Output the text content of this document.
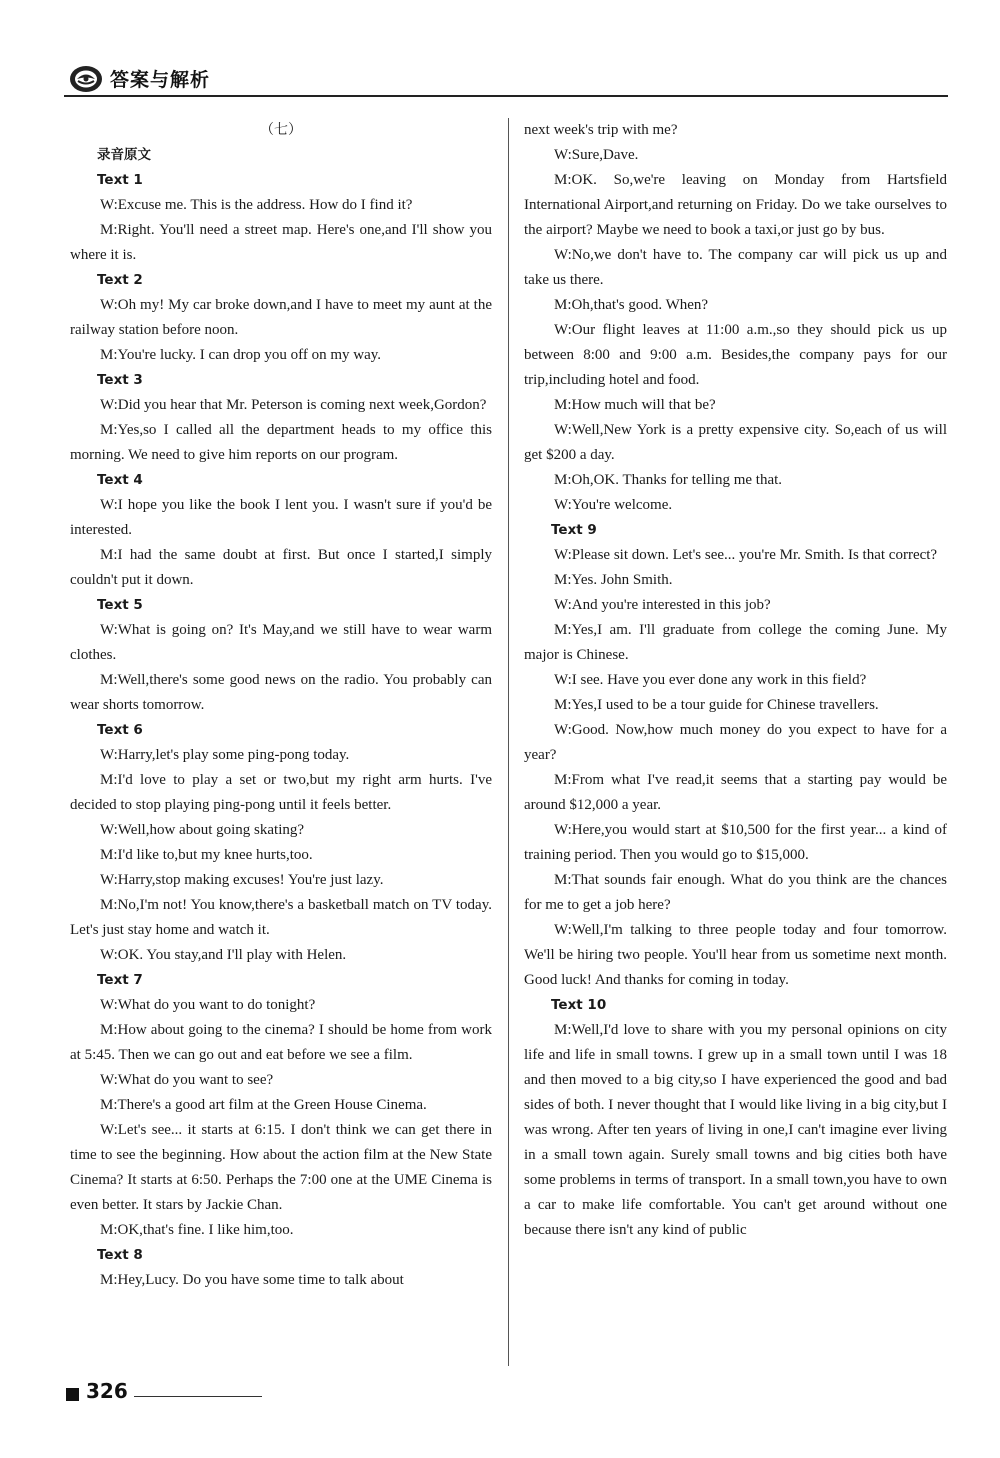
答案与解析

（七）

录音原文

Text 1

W:Excuse me. This is the address. How do I find it?

M:Right. You'll need a street map. Here's one,and I'll show you where it is.

Text 2

W:Oh my! My car broke down,and I have to meet my aunt at the railway station before noon.

M:You're lucky. I can drop you off on my way.

Text 3

W:Did you hear that Mr. Peterson is coming next week,Gordon?

M:Yes,so I called all the department heads to my office this morning. We need to give him reports on our program.

Text 4

W:I hope you like the book I lent you. I wasn't sure if you'd be interested.

M:I had the same doubt at first. But once I started,I simply couldn't put it down.

Text 5

W:What is going on? It's May,and we still have to wear warm clothes.

M:Well,there's some good news on the radio. You probably can wear shorts tomorrow.

Text 6

W:Harry,let's play some ping-pong today.

M:I'd love to play a set or two,but my right arm hurts. I've decided to stop playing ping-pong until it feels better.

W:Well,how about going skating?

M:I'd like to,but my knee hurts,too.

W:Harry,stop making excuses! You're just lazy.

M:No,I'm not! You know,there's a basketball match on TV today. Let's just stay home and watch it.

W:OK. You stay,and I'll play with Helen.

Text 7

W:What do you want to do tonight?

M:How about going to the cinema? I should be home from work at 5:45. Then we can go out and eat before we see a film.

W:What do you want to see?

M:There's a good art film at the Green House Cinema.

W:Let's see... it starts at 6:15. I don't think we can get there in time to see the beginning. How about the action film at the New State Cinema? It starts at 6:50. Perhaps the 7:00 one at the UME Cinema is even better. It stars by Jackie Chan.

M:OK,that's fine. I like him,too.

Text 8

M:Hey,Lucy. Do you have some time to talk about

next week's trip with me?

W:Sure,Dave.

M:OK. So,we're leaving on Monday from Hartsfield International Airport,and returning on Friday. Do we take ourselves to the airport? Maybe we need to book a taxi,or just go by bus.

W:No,we don't have to. The company car will pick us up and take us there.

M:Oh,that's good. When?

W:Our flight leaves at 11:00 a.m.,so they should pick us up between 8:00 and 9:00 a.m. Besides,the company pays for our trip,including hotel and food.

M:How much will that be?

W:Well,New York is a pretty expensive city. So,each of us will get $200 a day.

M:Oh,OK. Thanks for telling me that.

W:You're welcome.

Text 9

W:Please sit down. Let's see... you're Mr. Smith. Is that correct?

M:Yes. John Smith.

W:And you're interested in this job?

M:Yes,I am. I'll graduate from college the coming June. My major is Chinese.

W:I see. Have you ever done any work in this field?

M:Yes,I used to be a tour guide for Chinese travellers.

W:Good. Now,how much money do you expect to have for a year?

M:From what I've read,it seems that a starting pay would be around $12,000 a year.

W:Here,you would start at $10,500 for the first year... a kind of training period. Then you would go to $15,000.

M:That sounds fair enough. What do you think are the chances for me to get a job here?

W:Well,I'm talking to three people today and four tomorrow. We'll be hiring two people. You'll hear from us sometime next month. Good luck! And thanks for coming in today.

Text 10

M:Well,I'd love to share with you my personal opinions on city life and life in small towns. I grew up in a small town until I was 18 and then moved to a big city,so I have experienced the good and bad sides of both. I never thought that I would like living in a big city,but I was wrong. After ten years of living in one,I can't imagine ever living in a small town again. Surely small towns and big cities both have some problems in terms of transport. In a small town,you have to own a car to make life comfortable. You can't get around without one because there isn't any kind of public

326
